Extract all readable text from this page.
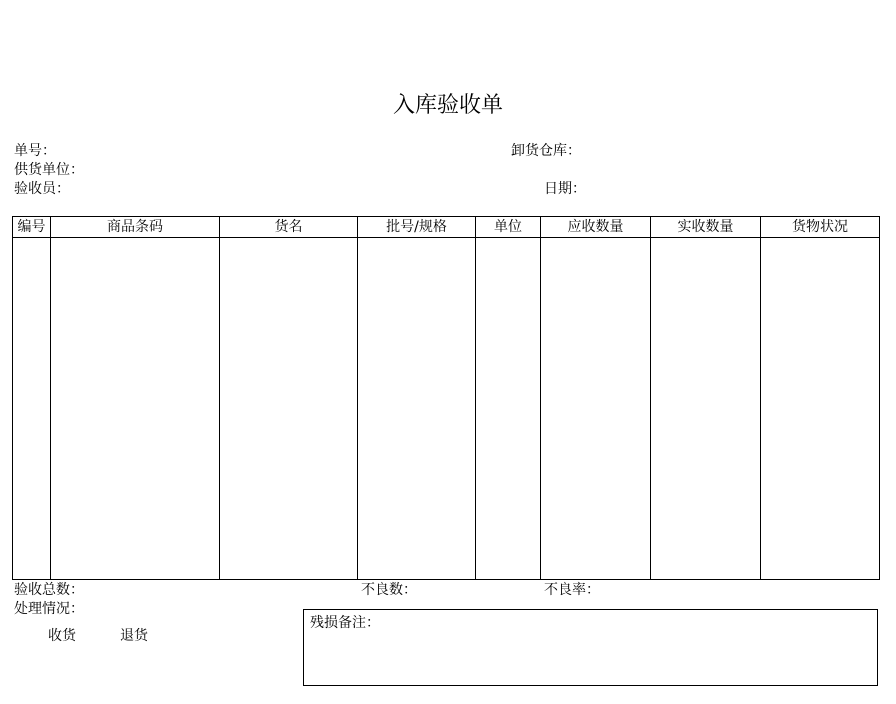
入库验收单
单号：
供货单位：
验收员：
卸货仓库：
日期：
编号	商品条码	货名	批号/规格	单位	应收数量	实收数量	货物状况

验收总数：	不良数：	不良率：
处理情况：
收货	退货
残损备注：
